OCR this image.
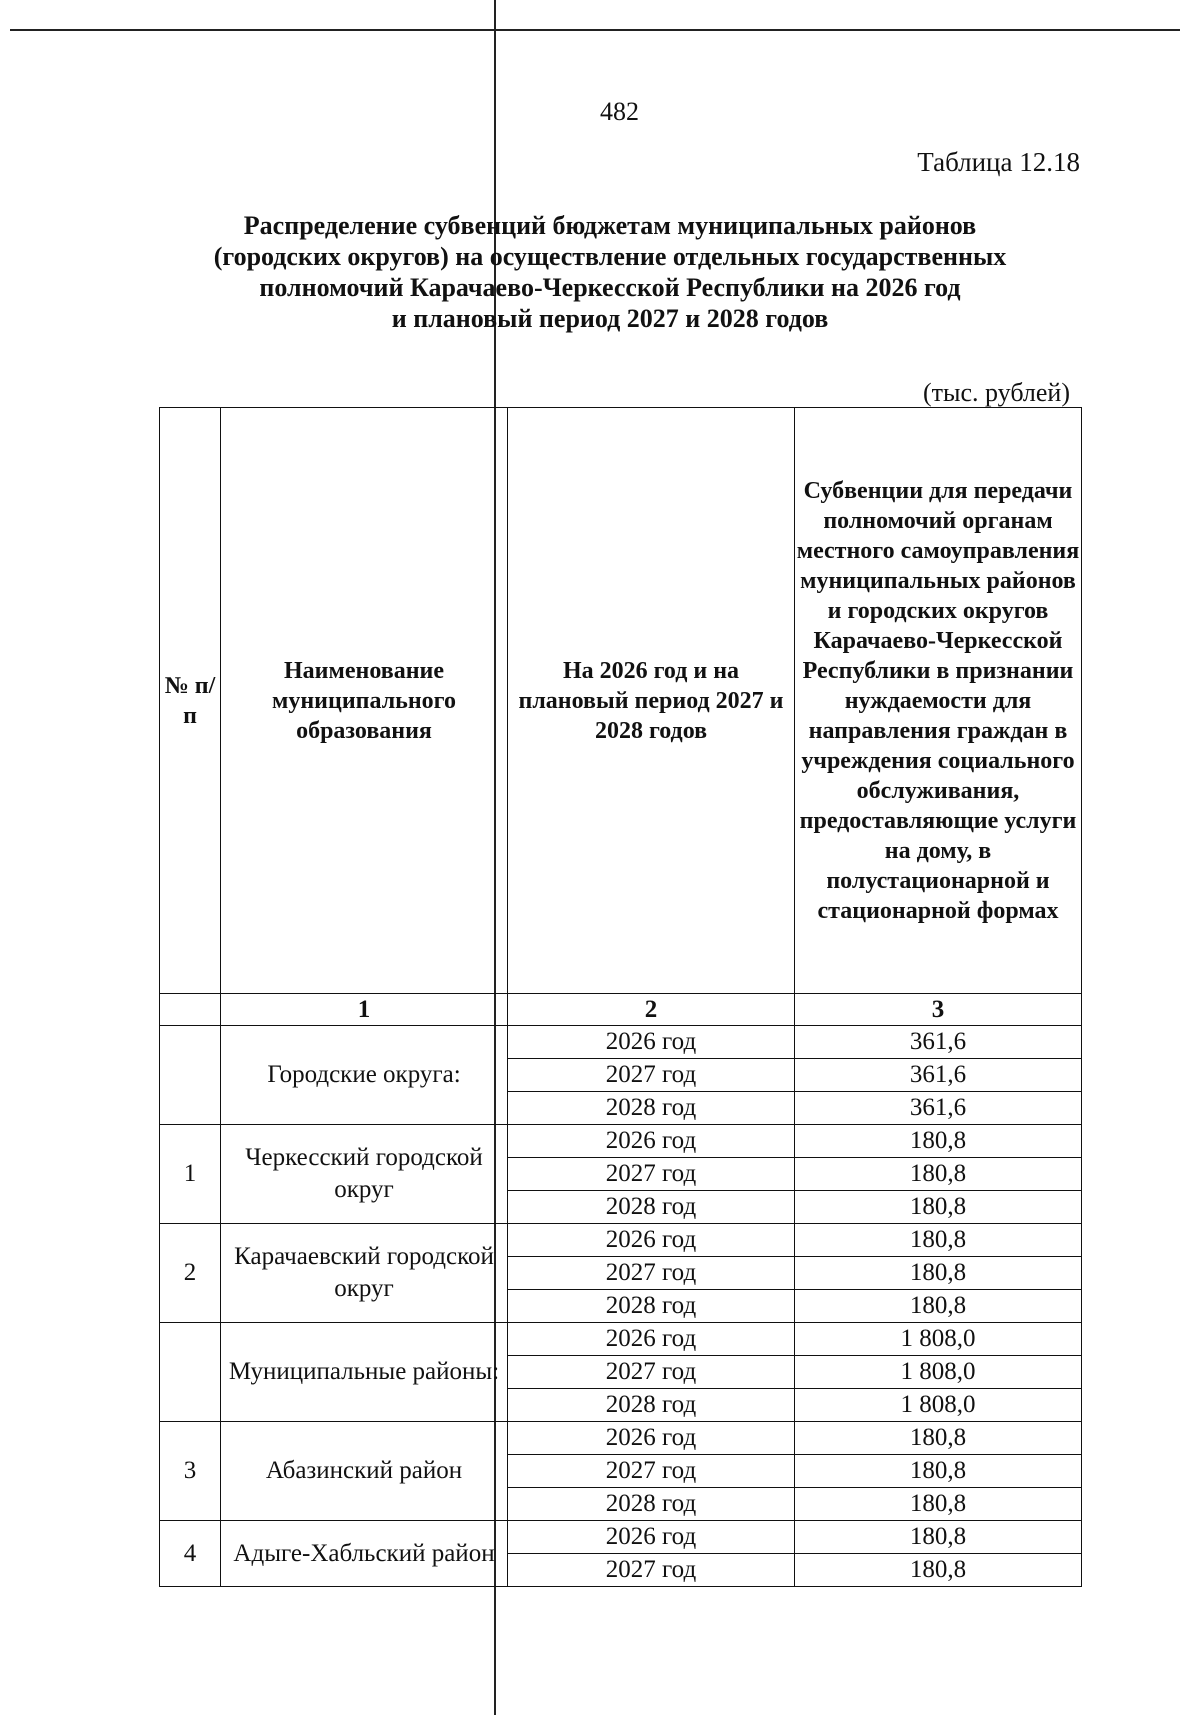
482
Таблица 12.18
Распределение субвенций бюджетам муниципальных районов
(городских округов) на осуществление отдельных государственных
полномочий Карачаево-Черкесской Республики на 2026 год
и плановый период 2027 и 2028 годов
(тыс. рублей)
№ п/п	Наименование муниципального образования	На 2026 год и на плановый период 2027 и 2028 годов	Субвенции для передачи полномочий органам местного самоуправления муниципальных районов и городских округов Карачаево-Черкесской Республики в признании нуждаемости для направления граждан в учреждения социального обслуживания, предоставляющие услуги на дому, в полустационарной и стационарной формах
	1	2	3
	Городские округа:	2026 год	361,6
		2027 год	361,6
		2028 год	361,6
1	Черкесский городской округ	2026 год	180,8
		2027 год	180,8
		2028 год	180,8
2	Карачаевский городской округ	2026 год	180,8
		2027 год	180,8
		2028 год	180,8
	Муниципальные районы:	2026 год	1 808,0
		2027 год	1 808,0
		2028 год	1 808,0
3	Абазинский район	2026 год	180,8
		2027 год	180,8
		2028 год	180,8
4	Адыге-Хабльский район	2026 год	180,8
		2027 год	180,8
